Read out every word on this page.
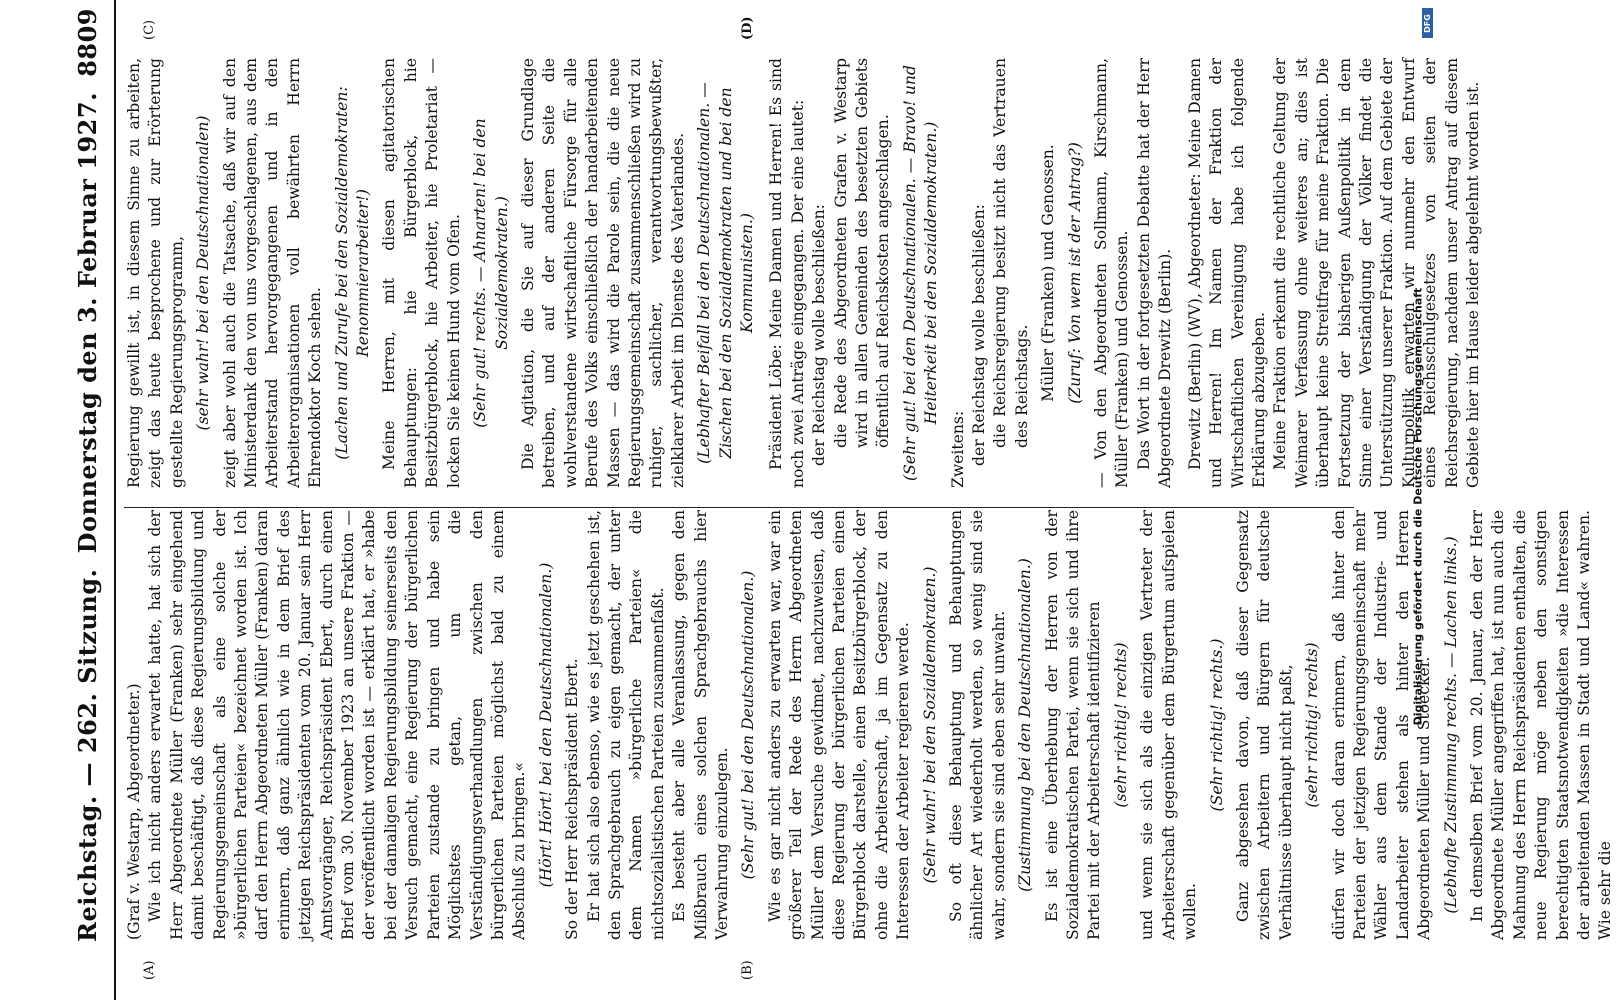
Reichstag. — 262. Sitzung.
Donnerstag den 3. Februar 1927.
8809
(A)	(B)
(C)	(D)

(Graf v. Westarp, Abgeordneter.) Wie ich nicht anders erwartet hatte, hat sich der Herr Abgeordnete Müller (Franken) sehr eingehend damit beschäftigt, daß diese Regierungsbildung und Regierungsgemeinschaft als eine solche der »bürgerlichen Parteien« bezeichnet worden ist. Ich darf den Herrn Abgeordneten Müller (Franken) daran erinnern, daß ganz ähnlich wie in dem Brief des jetzigen Reichspräsidenten vom 20. Januar sein Herr Amtsvorgänger, Reichspräsident Ebert, durch einen Brief vom 30. November 1923 an unsere Fraktion — der veröffentlicht worden ist — erklärt hat, er »habe bei der damaligen Regierungsbildung seinerseits den Versuch gemacht, eine Regierung der bürgerlichen Parteien zustande zu bringen und habe sein Möglichstes getan, um die Verständigungsverhandlungen zwischen den bürgerlichen Parteien möglichst bald zu einem Abschluß zu bringen.« (Hört! Hört! bei den Deutschnationalen.) So der Herr Reichspräsident Ebert. Er hat sich also ebenso, wie es jetzt geschehen ist, den Sprachgebrauch zu eigen gemacht, der unter dem Namen »bürgerliche Parteien« die nichtsozialistischen Parteien zusammenfaßt. Es besteht aber alle Veranlassung, gegen den Mißbrauch eines solchen Sprachgebrauchs hier Verwahrung einzulegen. (Sehr gut! bei den Deutschnationalen.) Wie es gar nicht anders zu erwarten war, war ein größerer Teil der Rede des Herrn Abgeordneten Müller dem Versuche gewidmet, nachzuweisen, daß diese Regierung der bürgerlichen Parteien einen Bürgerblock darstelle, einen Besitzbürgerblock, der ohne die Arbeiterschaft, ja im Gegensatz zu den Interessen der Arbeiter regieren werde. (Sehr wahr! bei den Sozialdemokraten.) So oft diese Behauptung und Behauptungen ähnlicher Art wiederholt werden, so wenig sind sie wahr, sondern sie sind eben sehr unwahr. (Zustimmung bei den Deutschnationalen.) Es ist eine Überhebung der Herren von der Sozialdemokratischen Partei, wenn sie sich und ihre Partei mit der Arbeiterschaft identifizieren (sehr richtig! rechts) und wenn sie sich als die einzigen Vertreter der Arbeiterschaft gegenüber dem Bürgertum aufspielen wollen.

(Sehr richtig! rechts.) Ganz abgesehen davon, daß dieser Gegensatz zwischen Arbeitern und Bürgern für deutsche Verhältnisse überhaupt nicht paßt, (sehr richtig! rechts) dürfen wir doch daran erinnern, daß hinter den Parteien der jetzigen Regierungsgemeinschaft mehr Wähler aus dem Stande der Industrie- und Landarbeiter stehen als hinter den Herren Abgeordneten Müller und Stoecker. (Lebhafte Zustimmung rechts. — Lachen links.) In demselben Brief vom 20. Januar, den der Herr Abgeordnete Müller angegriffen hat, ist nun auch die Mahnung des Herrn Reichspräsidenten enthalten, die neue Regierung möge neben den sonstigen berechtigten Staatsnotwendigkeiten »die Interessen der arbeitenden Massen in Stadt und Land« wahren. Wie sehr die

Regierung gewillt ist, in diesem Sinne zu arbeiten, zeigt das heute besprochene und zur Erörterung gestellte Regierungsprogramm, (sehr wahr! bei den Deutschnationalen) zeigt aber wohl auch die Tatsache, daß wir auf den Ministerdank den von uns vorgeschlagenen, aus dem Arbeiterstand hervorgegangenen und in den Arbeiterorganisationen voll bewährten Herrn Ehrendoktor Koch sehen. (Lachen und Zurufe bei den Sozialdemokraten: Renommierarbeiter!) Meine Herren, mit diesen agitatorischen Behauptungen: hie Bürgerblock, hie Besitzbürgerblock, hie Arbeiter, hie Proletariat — locken Sie keinen Hund vom Ofen. (Sehr gut! rechts. — Ahnarten! bei den Sozialdemokraten.) Die Agitation, die Sie auf dieser Grundlage betreiben, und auf der anderen Seite die wohlverstandene wirtschaftliche Fürsorge für alle Berufe des Volks einschließlich der handarbeitenden Massen — das wird die Parole sein, die die neue Regierungsgemeinschaft zusammenschließen wird zu ruhiger, sachlicher, verantwortungsbewußter, zielklarer Arbeit im Dienste des Vaterlandes. (Lebhafter Beifall bei den Deutschnationalen. — Zischen bei den Sozialdemokraten und bei den Kommunisten.) Präsident Löbe: Meine Damen und Herren! Es sind noch zwei Anträge eingegangen. Der eine lautet: der Reichstag wolle beschließen: die Rede des Abgeordneten Grafen v. Westarp wird in allen Gemeinden des besetzten Gebiets öffentlich auf Reichskosten angeschlagen. (Sehr gut! bei den Deutschnationalen. — Bravo! und Heiterkeit bei den Sozialdemokraten.)

Zweitens: der Reichstag wolle beschließen: die Reichsregierung besitzt nicht das Vertrauen des Reichstags. Müller (Franken) und Genossen. (Zuruf: Von wem ist der Antrag?) — Von den Abgeordneten Sollmann, Kirschmann, Müller (Franken) und Genossen. Das Wort in der fortgesetzten Debatte hat der Herr Abgeordnete Drewitz (Berlin). Drewitz (Berlin) (WV), Abgeordneter: Meine Damen und Herren! Im Namen der Fraktion der Wirtschaftlichen Vereinigung habe ich folgende Erklärung abzugeben. Meine Fraktion erkennt die rechtliche Geltung der Weimarer Verfassung ohne weiteres an; dies ist überhaupt keine Streitfrage für meine Fraktion. Die Fortsetzung der bisherigen Außenpolitik in dem Sinne einer Verständigung der Völker findet die Unterstützung unserer Fraktion. Auf dem Gebiete der Kulturpolitik erwarten wir nunmehr den Entwurf eines Reichsschulgesetzes von seiten der Reichsregierung, nachdem unser Antrag auf diesem Gebiete hier im Hause leider abgelehnt worden ist.

Digitalisierung gefördert durch die Deutsche Forschungsgemeinschaft
DFG
